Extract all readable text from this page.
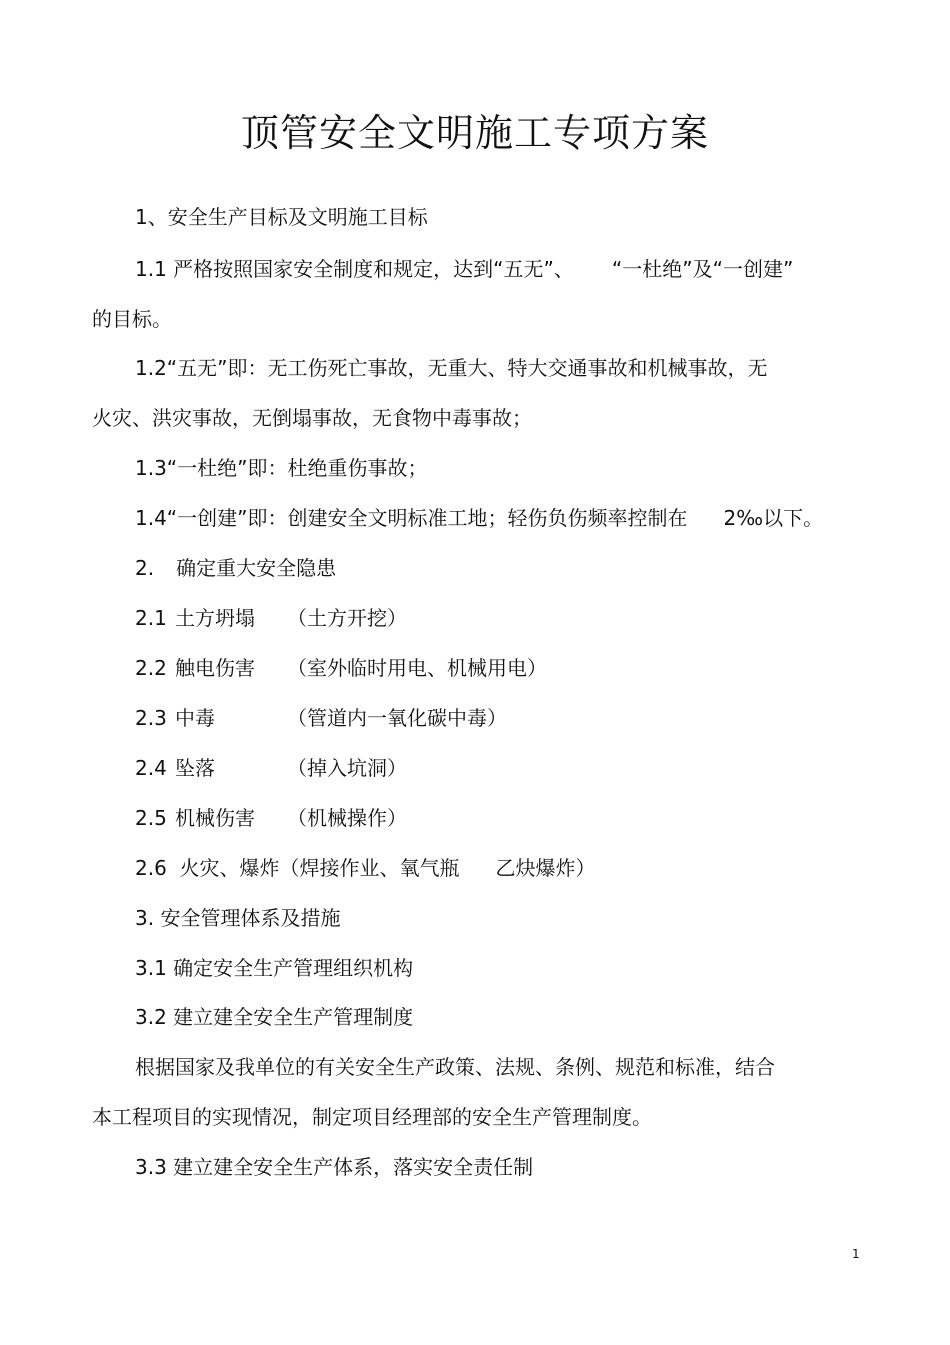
顶管安全文明施工专项方案
1、安全生产目标及文明施工目标
1.1 严格按照国家安全制度和规定，达到“五无”、 “一杜绝”及“一创建”
的目标。
1.2“五无”即：无工伤死亡事故，无重大、特大交通事故和机械事故，无
火灾、洪灾事故，无倒塌事故，无食物中毒事故；
1.3“一杜绝”即：杜绝重伤事故；
1.4“一创建”即：创建安全文明标准工地；轻伤负伤频率控制在 2‰以下。
2. 确定重大安全隐患
2.1 土方坍塌 （土方开挖）
2.2 触电伤害 （室外临时用电、机械用电）
2.3 中毒	（管道内一氧化碳中毒）
2.4 坠落	（掉入坑洞）
2.5 机械伤害 （机械操作）
2.6  火灾、爆炸（焊接作业、氧气瓶 乙炔爆炸）
3. 安全管理体系及措施
3.1 确定安全生产管理组织机构
3.2 建立建全安全生产管理制度
根据国家及我单位的有关安全生产政策、法规、条例、规范和标准，结合
本工程项目的实现情况，制定项目经理部的安全生产管理制度。
3.3 建立建全安全生产体系，落实安全责任制
1
